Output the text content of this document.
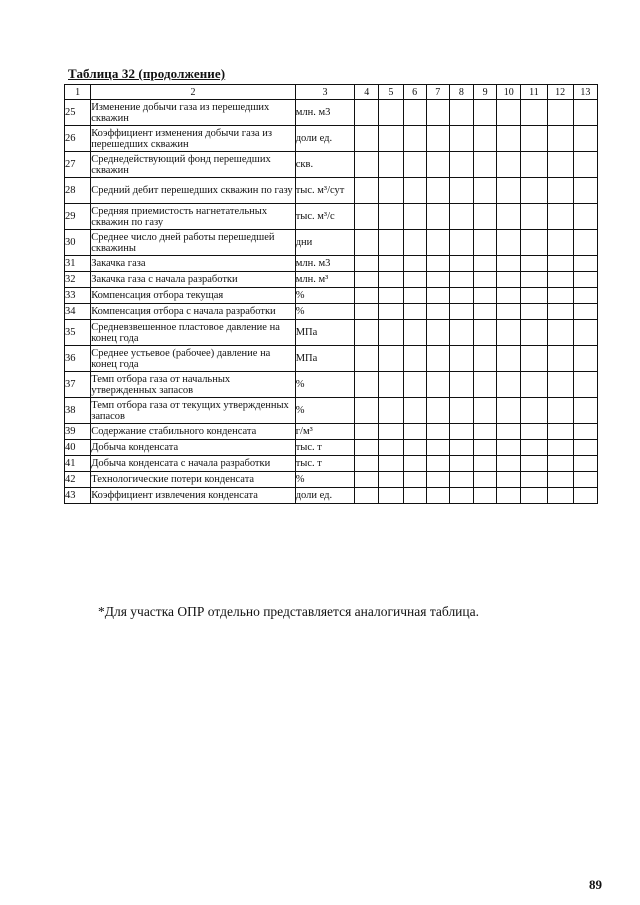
Таблица 32 (продолжение)
1	2	3	4	5	6	7	8	9	10	11	12	13
25	Изменение добычи газа из перешедших скважин	млн. м3										
26	Коэффициент изменения добычи газа из перешедших скважин	доли ед.										
27	Среднедействующий фонд перешедших скважин	скв.										
28	Средний дебит перешедших скважин по газу	тыс. м³/сут										
29	Средняя приемистость нагнетательных скважин по газу	тыс. м³/с										
30	Среднее число дней работы перешедшей скважины	дни										
31	Закачка газа	млн. м3										
32	Закачка газа с начала разработки	млн. м³										
33	Компенсация отбора текущая	%										
34	Компенсация отбора с начала разработки	%										
35	Средневзвешенное пластовое давление на конец года	МПа										
36	Среднее устьевое (рабочее) давление на конец года	МПа										
37	Темп отбора газа от начальных утвержденных запасов	%										
38	Темп отбора газа от текущих утвержденных запасов	%										
39	Содержание стабильного конденсата	г/м³										
40	Добыча конденсата	тыс. т										
41	Добыча конденсата с начала разработки	тыс. т										
42	Технологические потери конденсата	%										
43	Коэффициент извлечения конденсата	доли ед.										
*Для участка ОПР отдельно представляется аналогичная таблица.
89
